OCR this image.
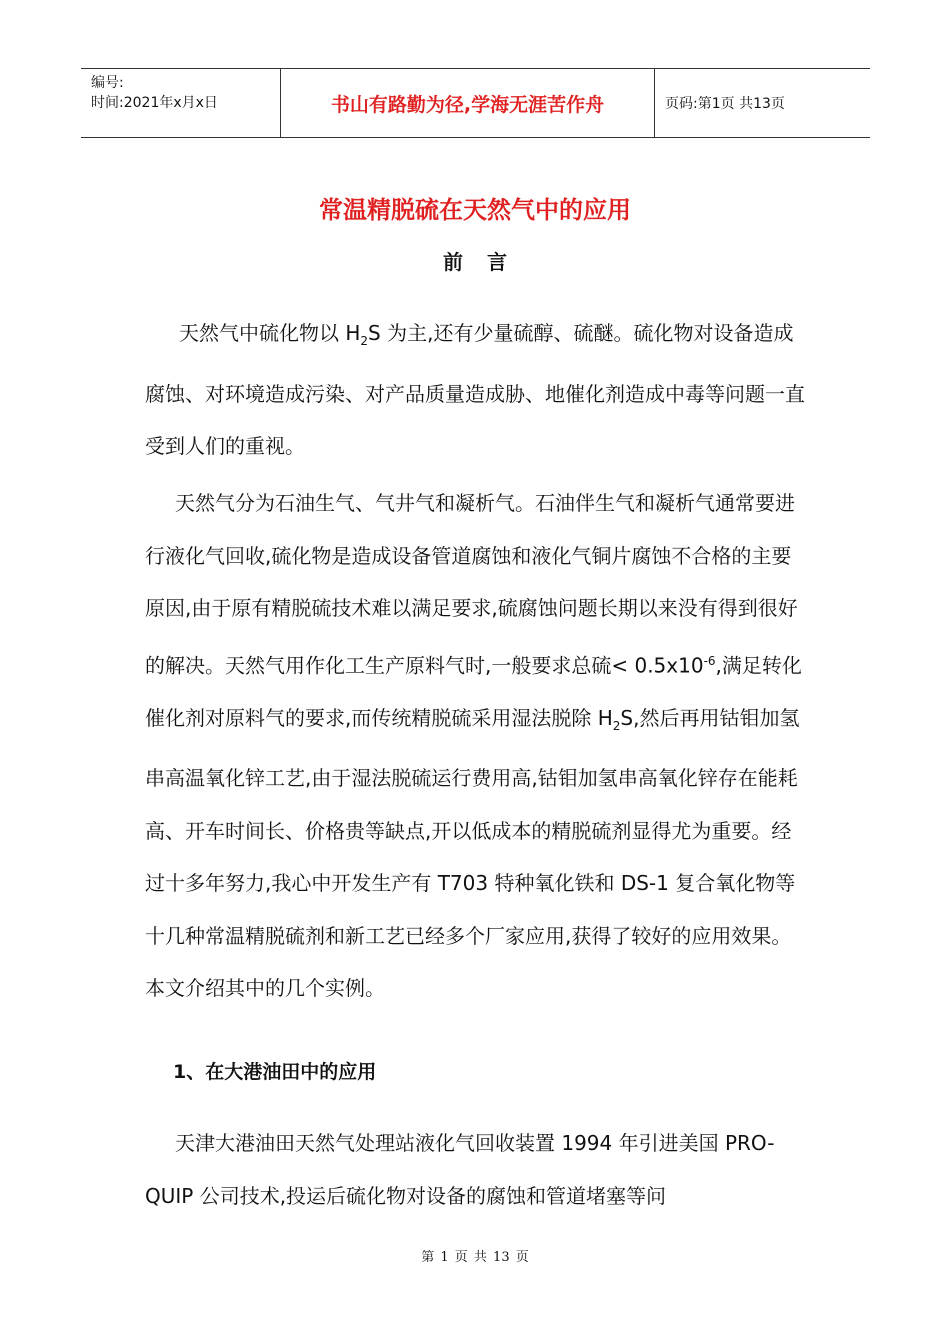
编号:
时间:2021年x月x日	书山有路勤为径,学海无涯苦作舟	页码:第1页 共13页
常温精脱硫在天然气中的应用
前言

天然气中硫化物以 $H_2S$ 为主,还有少量硫醇、硫醚。硫化物对设备造成腐蚀、对环境造成污染、对产品质量造成胁、地催化剂造成中毒等问题一直受到人们的重视。

天然气分为石油生气、气井气和凝析气。石油伴生气和凝析气通常要进行液化气回收,硫化物是造成设备管道腐蚀和液化气铜片腐蚀不合格的主要原因,由于原有精脱硫技术难以满足要求,硫腐蚀问题长期以来没有得到很好的解决。天然气用作化工生产原料气时,一般要求总硫< $0.5x10^{-6}$,满足转化催化剂对原料气的要求,而传统精脱硫采用湿法脱除 $H_2S$,然后再用钴钼加氢串高温氧化锌工艺,由于湿法脱硫运行费用高,钴钼加氢串高氧化锌存在能耗高、开车时间长、价格贵等缺点,开以低成本的精脱硫剂显得尤为重要。经过十多年努力,我心中开发生产有 T703 特种氧化铁和 DS-1 复合氧化物等十几种常温精脱硫剂和新工艺已经多个厂家应用,获得了较好的应用效果。本文介绍其中的几个实例。

1、在大港油田中的应用

天津大港油田天然气处理站液化气回收装置 1994 年引进美国 PRO-QUIP 公司技术,投运后硫化物对设备的腐蚀和管道堵塞等问

第 1 页 共 13 页
